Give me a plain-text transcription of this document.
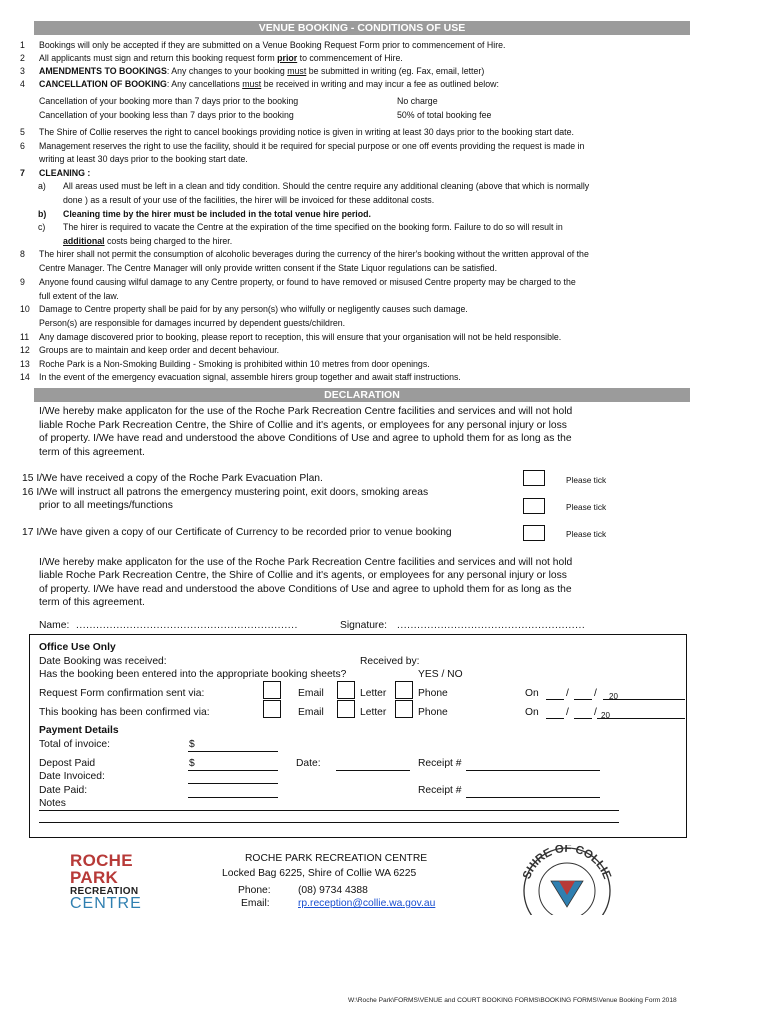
VENUE BOOKING - CONDITIONS OF USE
1	Bookings will only be accepted if they are submitted on a Venue Booking Request Form prior to commencement of Hire.
2	All applicants must sign and return this booking request form prior to commencement of Hire.
3	AMENDMENTS TO BOOKINGS: Any changes to your booking must be submitted in writing (eg. Fax, email, letter)
4	CANCELLATION OF BOOKING: Any cancellations must be received in writing and may incur a fee as outlined below:
Cancellation of your booking more than 7 days prior to the booking	No charge
Cancellation of your booking less than 7 days prior to the booking	50% of total booking fee
5	The Shire of Collie reserves the right to cancel bookings providing notice is given in writing at least 30 days prior to the booking start date.
6	Management reserves the right to use the facility, should it be required for special purpose or one off events providing the request is made in
writing at least 30 days prior to the booking start date.
7	CLEANING :
a)	All areas used must be left in a clean and tidy condition. Should the centre require any additional cleaning (above that which is normally
done ) as a result of your use of the facilities, the hirer will be invoiced for these additonal costs.
b)	Cleaning time by the hirer must be included in the total venue hire period.
c)	The hirer is required to vacate the Centre at the expiration of the time specified on the booking form. Failure to do so will result in
additional costs being charged to the hirer.
8	The hirer shall not permit the consumption of alcoholic beverages during the currency of the hirer's booking without the written approval of the
Centre Manager. The Centre Manager will only provide written consent if the State Liquor regulations can be satisfied.
9	Anyone found causing wilful damage to any Centre property, or found to have removed or misused Centre property may be charged to the
full extent of the law.
10 Damage to Centre property shall be paid for by any person(s) who wilfully or negligently causes such damage.
Person(s) are responsible for damages incurred by dependent guests/children.
11	Any damage discovered prior to booking, please report to reception, this will ensure that your organisation will not be held responsible.
12 Groups are to maintain and keep order and decent behaviour.
13 Roche Park is a Non-Smoking Building - Smoking is prohibited within 10 metres from door openings.
14 In the event of the emergency evacuation signal, assemble hirers group together and await staff instructions.
DECLARATION
I/We hereby make applicaton for the use of the Roche Park Recreation Centre facilities and services and will not hold
liable Roche Park Recreation Centre, the Shire of Collie and it's agents, or employees for any personal injury or loss
of property. I/We have read and understood the above Conditions of Use and agree to uphold them for as long as the
term of this agreement.
15 I/We have received a copy of the Roche Park Evacuation Plan.
16 I/We will instruct all patrons the emergency mustering point, exit doors, smoking areas
prior to all meetings/functions
17 I/We have given a copy of our Certificate of Currency to be recorded prior to venue booking
Please tick
Please tick
Please tick
I/We hereby make applicaton for the use of the Roche Park Recreation Centre facilities and services and will not hold
liable Roche Park Recreation Centre, the Shire of Collie and it's agents, or employees for any personal injury or loss
of property. I/We have read and understood the above Conditions of Use and agree to uphold them for as long as the
term of this agreement.
Name: ..................................................................	Signature: ........................................................
Office Use Only
Date Booking was received:	Received by:
Has the booking been entered into the appropriate booking sheets?	YES / NO
Request Form confirmation sent via:	Email	Letter	Phone	On	/ / 20
This booking has been confirmed via:	Email	Letter	Phone	On	/ / 20
Payment Details
Total of invoice:	$
Depost Paid	$	Date:	Receipt #
Date Invoiced:
Date Paid:	Receipt #
Notes
ROCHE
PARK
RECREATION
CENTRE
ROCHE PARK RECREATION CENTRE
Locked Bag 6225, Shire of Collie WA 6225
Phone:	(08) 9734 4388
Email:	rp.reception@collie.wa.gov.au
SHIRE OF COLLIE
W:\Roche Park\FORMS\VENUE and COURT BOOKING FORMS\BOOKING FORMS\Venue Booking Form 2018
